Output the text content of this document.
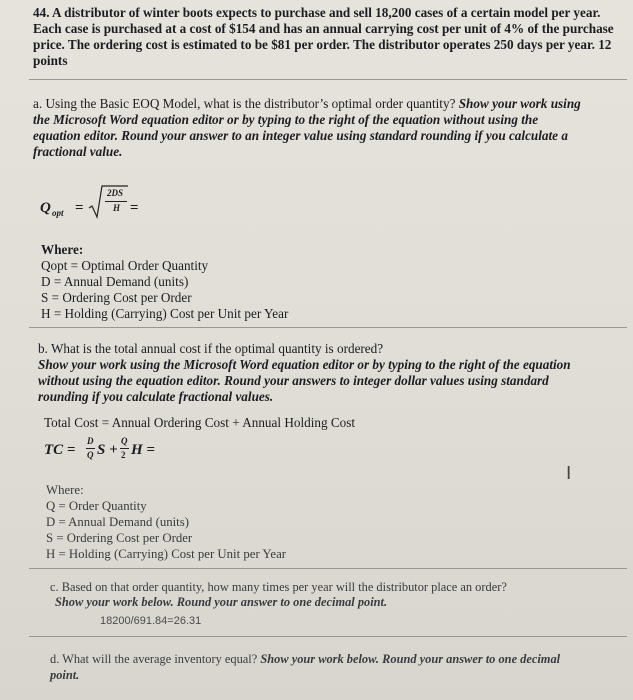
44. A distributor of winter boots expects to purchase and sell 18,200 cases of a certain model per year.

Each case is purchased at a cost of $154 and has an annual carrying cost per unit of 4% of the purchase

price. The ordering cost is estimated to be $81 per order. The distributor operates 250 days per year. 12

points

a. Using the Basic EOQ Model, what is the distributor’s optimal order quantity? Show your work using

the Microsoft Word equation editor or by typing to the right of the equation without using the

equation editor. Round your answer to an integer value using standard rounding if you calculate a

fractional value.

Q opt =
2DS
H =

Where:

Qopt = Optimal Order Quantity

D = Annual Demand (units)

S = Ordering Cost per Order

H = Holding (Carrying) Cost per Unit per Year

b. What is the total annual cost if the optimal quantity is ordered?

Show your work using the Microsoft Word equation editor or by typing to the right of the equation

without using the equation editor. Round your answers to integer dollar values using standard

rounding if you calculate fractional values.

Total Cost = Annual Ordering Cost + Annual Holding Cost

TC =
D
Q S +
Q
2 H =
I

Where:

Q = Order Quantity

D = Annual Demand (units)

S = Ordering Cost per Order

H = Holding (Carrying) Cost per Unit per Year

c. Based on that order quantity, how many times per year will the distributor place an order?

Show your work below. Round your answer to one decimal point.

18200/691.84=26.31

d. What will the average inventory equal? Show your work below. Round your answer to one decimal

point.
